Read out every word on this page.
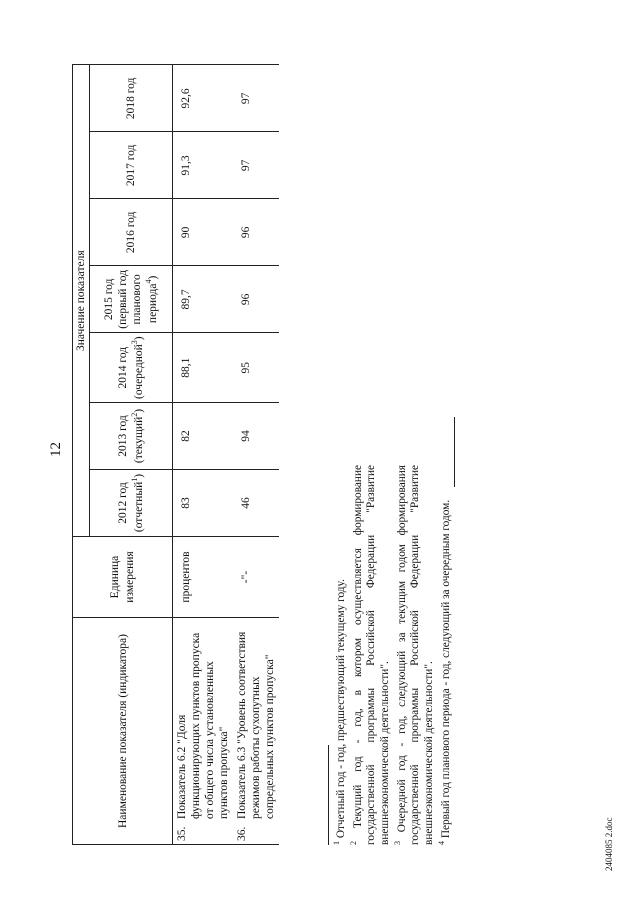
12
Наименование показателя (индикатора)	Единица измерения	Значение показателя						
		2012 год (отчетный$^1$)	2013 год (текущий$^2$)	2014 год (очередной$^3$)	2015 год (первый год планового периода$^4$)	2016 год	2017 год	2018 год
35.Показатель 6.2 "Доля функционирующих пунктов пропуска от общего числа установленных пунктов пропуска"	процентов	83	82	88,1	89,7	90	91,3	92,6
36.Показатель 6.3 "Уровень соответствия режимов работы сухопутных сопредельных пунктов пропуска"	-"-	46	94	95	96	96	97	97

$^1$ Отчетный год - год, предшествующий текущему году.

$^2$ Текущий год - год, в котором осуществляется формирование государственной программы Российской Федерации "Развитие внешнеэкономической деятельности". $^3$ Очередной год - год, следующий за текущим годом формирования государственной программы Российской Федерации "Развитие внешнеэкономической деятельности". $^4$ Первый год планового периода - год, следующий за очередным годом.

2404085 2.doc
